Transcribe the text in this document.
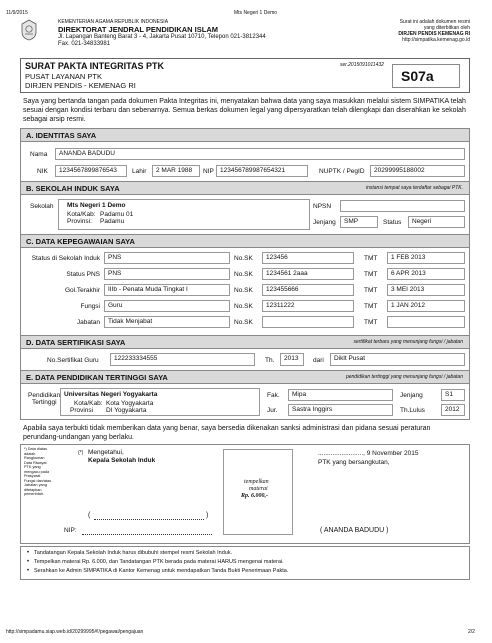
11/9/2015	Mts Negeri 1 Demo
KEMENTERIAN AGAMA REPUBLIK INDONESIA
DIREKTORAT JENDRAL PENDIDIKAN ISLAM
Jl. Lapangan Banteng Barat 3 - 4, Jakarta Pusat 10710, Telepon 021-3812344
Fax. 021-34833981
Surat ini adalah dokumen resmi
yang diterbitkan oleh
DIRJEN PENDIS KEMENAG RI
http://simpatika.kemenag.go.id
SURAT PAKTA INTEGRITAS PTK
PUSAT LAYANAN PTK
DIRJEN PENDIS - KEMENAG RI
ser.2015091011432
S07a
Saya yang bertanda tangan pada dokumen Pakta Integritas ini, menyatakan bahwa data yang saya masukkan melalui sistem SIMPATIKA telah sesuai dengan kondisi terbaru dan sebenarnya. Semua berkas dokumen legal yang dipersyaratkan telah dilengkapi dan diserahkan ke sekolah sebagai arsip resmi.
A. IDENTITAS SAYA
Nama	ANANDA BADUDU
NIK	1234567899876543	Lahir	2 MAR 1988	NIP 123456789987654321	NUPTK / PegID	20299995188002
B. SEKOLAH INDUK SAYA	instansi tempat saya terdaftar sebagai PTK.
Sekolah Mts Negeri 1 Demo
Kota/Kab: Padamu 01
Provinsi: Padamu
NPSN
Jenjang	SMP	Status	Negeri
C. DATA KEPEGAWAIAN SAYA
Status di Sekolah Induk	PNS	No.SK	123456	TMT	1 FEB 2013
Status PNS	PNS	No.SK	1234561 2aaa	TMT	6 APR 2013
Gol.Terakhir	IIIb - Penata Muda Tingkat I	No.SK	123455666	TMT	3 MEI 2013
Fungsi	Guru	No.SK	12311222	TMT	1 JAN 2012
Jabatan	Tidak Menjabat	No.SK	TMT
D. DATA SERTIFIKASI SAYA	sertifikat terbaru yang menunjang fungsi / jabatan
No.Sertifikat Guru	122233334555	Th.	2013	dari	Diklt Pusat
E. DATA PENDIDIKAN TERTINGGI SAYA	pendidikan tertinggi yang menunjang fungsi / jabatan
Pendidikan
Tertinggi
Universitas Negeri Yogyakarta
Kota/Kab: Kota Yogyakarta
Provinsi DI Yogyakarta
Fak.	Mipa
Jur.	Sastra Inggirs
Jenjang	S1
Th.Lulus	2012
Apabila saya terbukti tidak memberikan data yang benar, saya bersedia dikenakan sanksi administrasi dan pidana sesuai peraturan perundang-undangan yang berlaku.
*) Data diatas adalah Rangkuman Data Riwayat PTK yang mengacu pada Prasyarat Fungsi dan/atau Jabatan yang ditetapkan pemerintah.
(*) Mengetahui,
Kepala Sekolah Induk
(	)
NIP:
tempelkan
materai
Rp. 6.000,-
........................., 9 November 2015
PTK yang bersangkutan,
( ANANDA BADUDU )
• Tandatangan Kepala Sekolah Induk harus dibubuhi stempel resmi Sekolah Induk.
• Tempelkan materai Rp. 6.000, dan Tandatangan PTK berada pada materai HARUS mengenai materai.
• Serahkan ke Admin SIMPATIKA di Kantor Kemenag untuk mendapatkan Tanda Bukti Penerimaan Pakta.
http://simpadamu.siap.web.id/20299995#!/pegawai/pengajuan	2/2
